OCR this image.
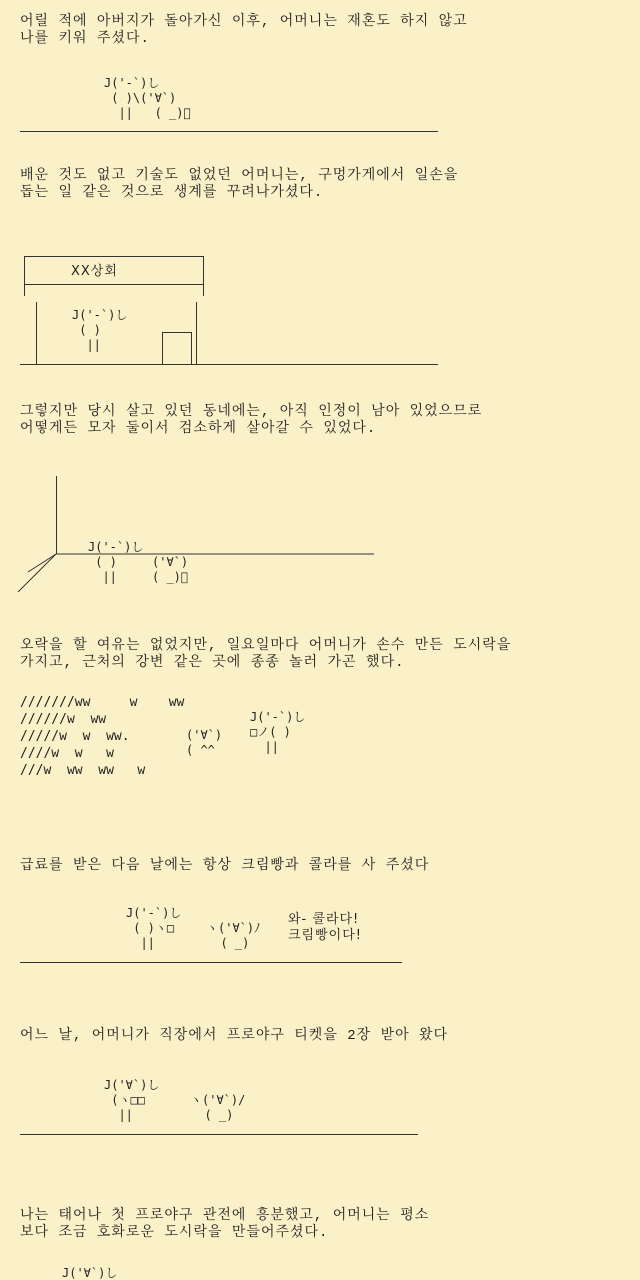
어릴 적에 아버지가 돌아가신 이후, 어머니는 재혼도 하지 않고
나를 키워 주셨다.
J('-`)し
( )\('∀`)
||   ( _)ﾞ
배운 것도 없고 기술도 없었던 어머니는, 구멍가게에서 일손을
돕는 일 같은 것으로 생계를 꾸려나가셨다.
XX상회
J('-`)し
( )
||
그렇지만 당시 살고 있던 동네에는, 아직 인정이 남아 있었으므로
어떻게든 모자 둘이서 검소하게 살아갈 수 있었다.
J('-`)し
( )
||
('∀`)
( _)ﾞ
오락을 할 여유는 없었지만, 일요일마다 어머니가 손수 만든 도시락을
가지고, 근처의 강변 같은 곳에 종종 놀러 가곤 했다.
///////ww     w    ww
//////w  ww
/////w  w  ww.
////w  w   w
///w  ww  ww   w
('∀`)
( ^^
J('-`)し
□ノ( )
||
급료를 받은 다음 날에는 항상 크림빵과 콜라를 사 주셨다
J('-`)し
( )ヽ□
||
ヽ('∀`)ﾉ
( _)
와- 콜라다!
크림빵이다!
어느 날, 어머니가 직장에서 프로야구 티켓을 2장 받아 왔다
J('∀`)し
(ヽ□□
||
ヽ('∀`)/
( _)
나는 태어나 첫 프로야구 관전에 흥분했고, 어머니는 평소
보다 조금 호화로운 도시락을 만들어주셨다.
J('∀`)し
